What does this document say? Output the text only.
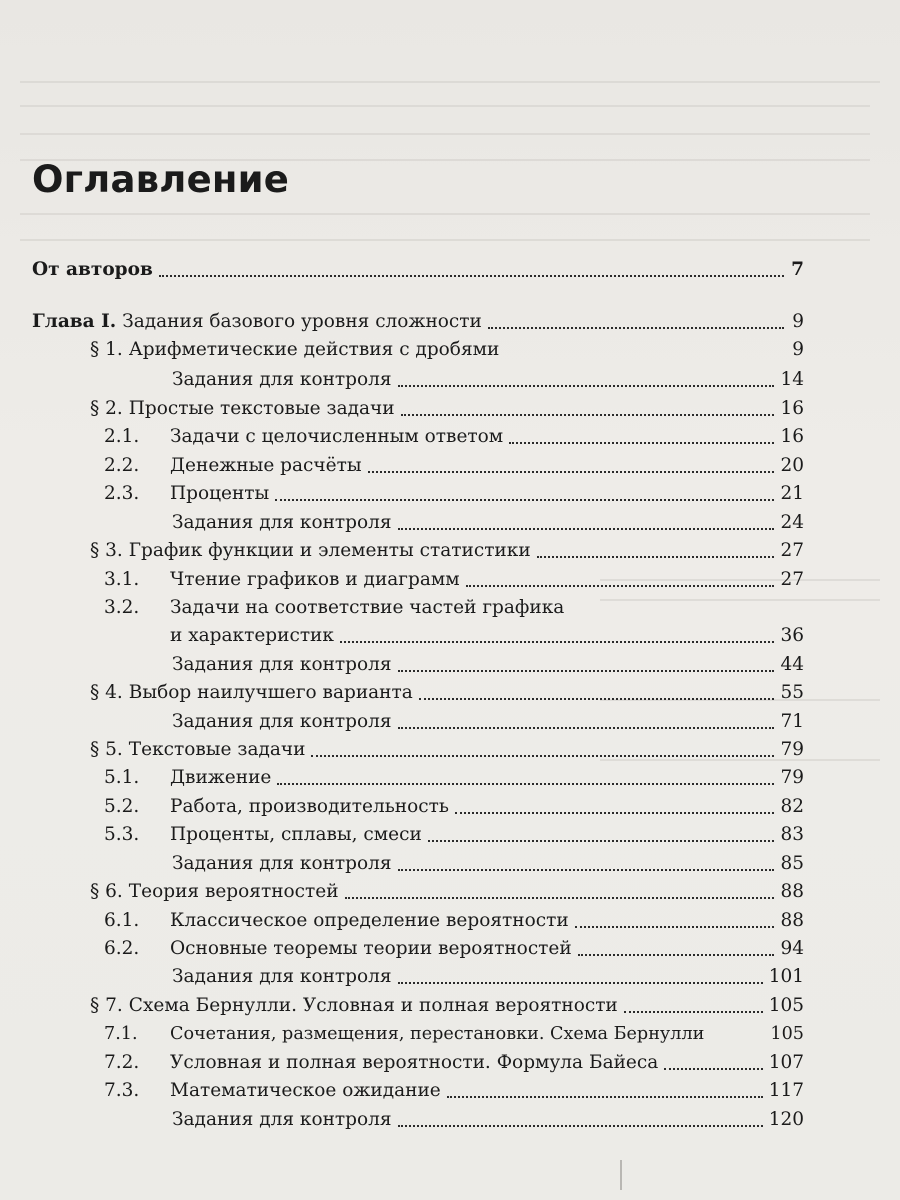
Оглавление
От авторов	7
Глава I. Задания базового уровня сложности	9
§ 1. Арифметические действия с дробями	9
Задания для контроля	14
§ 2. Простые текстовые задачи	16
2.1.	Задачи с целочисленным ответом	16
2.2.	Денежные расчёты	20
2.3.	Проценты	21
Задания для контроля	24
§ 3. График функции и элементы статистики	27
3.1.	Чтение графиков и диаграмм	27
3.2.	Задачи на соответствие частей графика
и характеристик	36
Задания для контроля	44
§ 4. Выбор наилучшего варианта	55
Задания для контроля	71
§ 5. Текстовые задачи	79
5.1.	Движение	79
5.2.	Работа, производительность	82
5.3.	Проценты, сплавы, смеси	83
Задания для контроля	85
§ 6. Теория вероятностей	88
6.1.	Классическое определение вероятности	88
6.2.	Основные теоремы теории вероятностей	94
Задания для контроля	101
§ 7. Схема Бернулли. Условная и полная вероятности	105
7.1.	Сочетания, размещения, перестановки. Схема Бернулли	105
7.2.	Условная и полная вероятности. Формула Байеса	107
7.3.	Математическое ожидание	117
Задания для контроля	120
